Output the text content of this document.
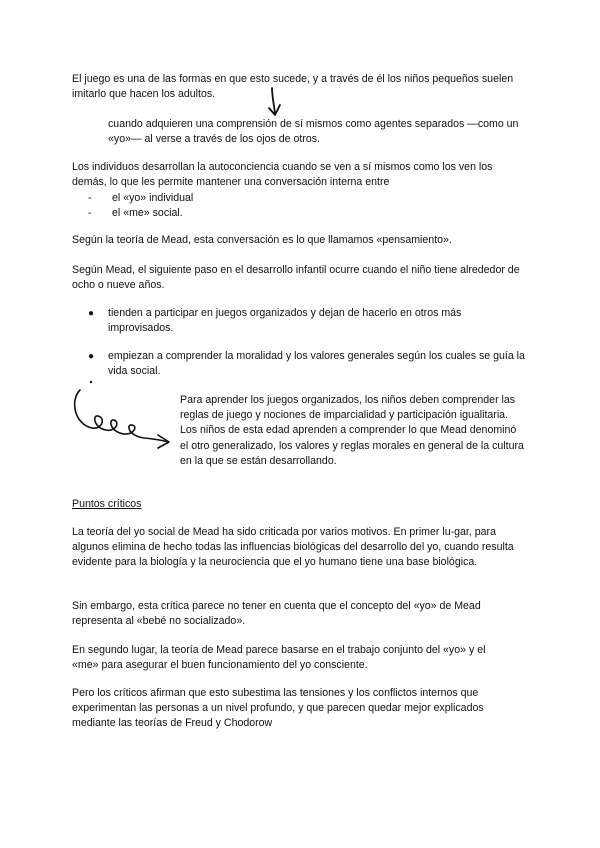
El juego es una de las formas en que esto sucede, y a través de él los niños pequeños suelen imitarlo que hacen los adultos.

cuando adquieren una comprensión de sí mismos como agentes separados —como un «yo»— al verse a través de los ojos de otros.

Los individuos desarrollan la autoconciencia cuando se ven a sí mismos como los ven los demás, lo que les permite mantener una conversación interna entre

- el «yo» individual
- el «me» social.

Según la teoría de Mead, esta conversación es lo que llamamos «pensamiento».

Según Mead, el siguiente paso en el desarrollo infantil ocurre cuando el niño tiene alrededor de ocho o nueve años.

● tienden a participar en juegos organizados y dejan de hacerlo en otros más improvisados.

● empiezan a comprender la moralidad y los valores generales según los cuales se guía la vida social.

Para aprender los juegos organizados, los niños deben comprender las reglas de juego y nociones de imparcialidad y participación igualitaria.
Los niños de esta edad aprenden a comprender lo que Mead denominó el otro generalizado, los valores y reglas morales en general de la cultura en la que se están desarrollando.

Puntos críticos

La teoría del yo social de Mead ha sido criticada por varios motivos. En primer lu-gar, para algunos elimina de hecho todas las influencias biológicas del desarrollo del yo, cuando resulta evidente para la biología y la neurociencia que el yo humano tiene una base biológica.

Sin embargo, esta crítica parece no tener en cuenta que el concepto del «yo» de Mead representa al «bebé no socializado».

En segundo lugar, la teoría de Mead parece basarse en el trabajo conjunto del «yo» y el «me» para asegurar el buen funcionamiento del yo consciente.

Pero los críticos afirman que esto subestima las tensiones y los conflictos internos que experimentan las personas a un nivel profundo, y que parecen quedar mejor explicados mediante las teorías de Freud y Chodorow
